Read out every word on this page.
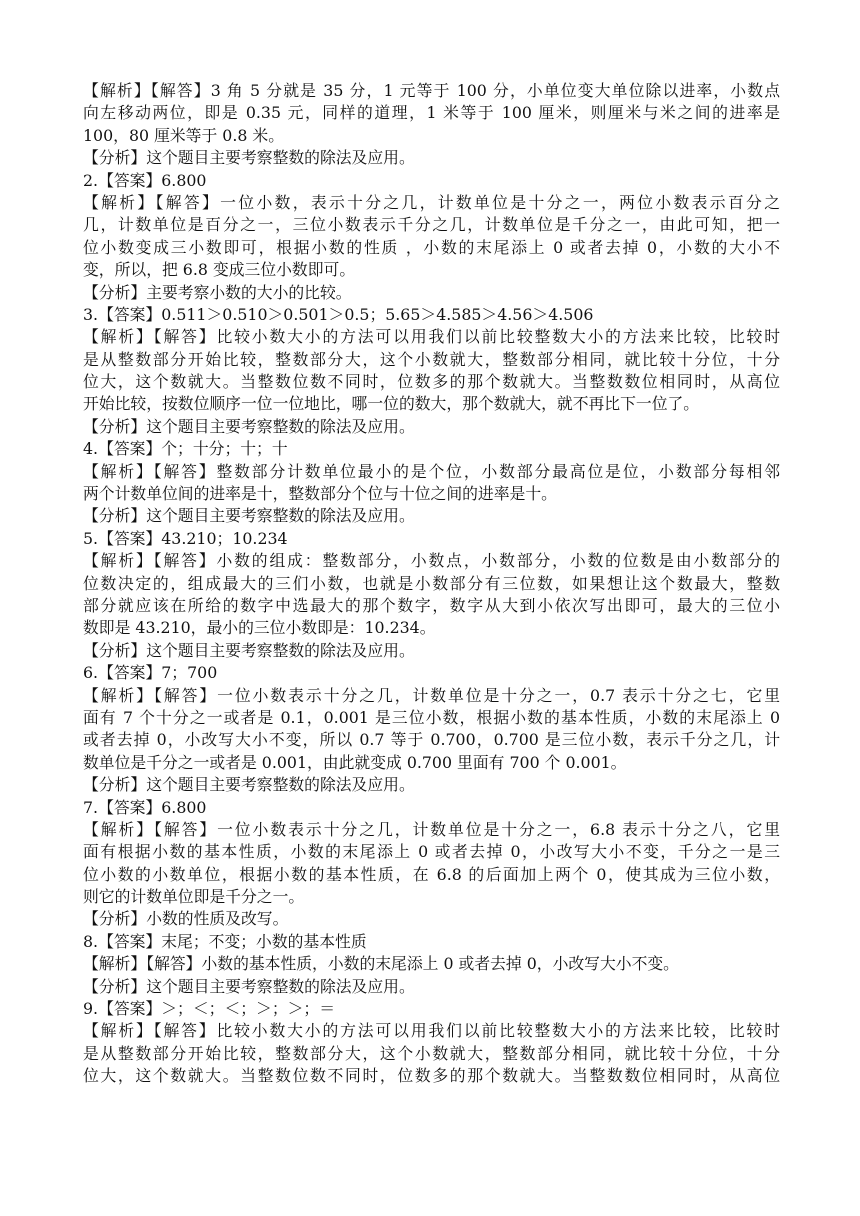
【解析】【解答】3 角 5 分就是 35 分，1 元等于 100 分，小单位变大单位除以进率，小数点
向左移动两位，即是 0.35 元，同样的道理，1 米等于 100 厘米，则厘米与米之间的进率是
100，80 厘米等于 0.8 米。
【分析】这个题目主要考察整数的除法及应用。
2.【答案】6.800
【解析】【解答】一位小数，表示十分之几，计数单位是十分之一，两位小数表示百分之
几，计数单位是百分之一，三位小数表示千分之几，计数单位是千分之一，由此可知，把一
位小数变成三小数即可，根据小数的性质 ，小数的末尾添上 0 或者去掉 0，小数的大小不
变，所以，把 6.8 变成三位小数即可。
【分析】主要考察小数的大小的比较。
3.【答案】0.511＞0.510＞0.501＞0.5；5.65＞4.585＞4.56＞4.506
【解析】【解答】比较小数大小的方法可以用我们以前比较整数大小的方法来比较，比较时
是从整数部分开始比较，整数部分大，这个小数就大，整数部分相同，就比较十分位，十分
位大，这个数就大。当整数位数不同时，位数多的那个数就大。当整数数位相同时，从高位
开始比较，按数位顺序一位一位地比，哪一位的数大，那个数就大，就不再比下一位了。
【分析】这个题目主要考察整数的除法及应用。
4.【答案】个；十分；十；十
【解析】【解答】整数部分计数单位最小的是个位，小数部分最高位是位，小数部分每相邻
两个计数单位间的进率是十，整数部分个位与十位之间的进率是十。
【分析】这个题目主要考察整数的除法及应用。
5.【答案】43.210；10.234
【解析】【解答】小数的组成：整数部分，小数点，小数部分，小数的位数是由小数部分的
位数决定的，组成最大的三们小数，也就是小数部分有三位数，如果想让这个数最大，整数
部分就应该在所给的数字中选最大的那个数字，数字从大到小依次写出即可，最大的三位小
数即是 43.210，最小的三位小数即是：10.234。
【分析】这个题目主要考察整数的除法及应用。
6.【答案】7；700
【解析】【解答】一位小数表示十分之几，计数单位是十分之一，0.7 表示十分之七，它里
面有 7 个十分之一或者是 0.1，0.001 是三位小数，根据小数的基本性质，小数的末尾添上 0
或者去掉 0，小改写大小不变，所以 0.7 等于 0.700，0.700 是三位小数，表示千分之几，计
数单位是千分之一或者是 0.001，由此就变成 0.700 里面有 700 个 0.001。
【分析】这个题目主要考察整数的除法及应用。
7.【答案】6.800
【解析】【解答】一位小数表示十分之几，计数单位是十分之一，6.8 表示十分之八，它里
面有根据小数的基本性质，小数的末尾添上 0 或者去掉 0，小改写大小不变，千分之一是三
位小数的小数单位，根据小数的基本性质，在 6.8 的后面加上两个 0，使其成为三位小数，
则它的计数单位即是千分之一。
【分析】小数的性质及改写。
8.【答案】末尾；不变；小数的基本性质
【解析】【解答】小数的基本性质，小数的末尾添上 0 或者去掉 0，小改写大小不变。
【分析】这个题目主要考察整数的除法及应用。
9.【答案】＞；＜；＜；＞；＞；＝
【解析】【解答】比较小数大小的方法可以用我们以前比较整数大小的方法来比较，比较时
是从整数部分开始比较，整数部分大，这个小数就大，整数部分相同，就比较十分位，十分
位大，这个数就大。当整数位数不同时，位数多的那个数就大。当整数数位相同时，从高位
